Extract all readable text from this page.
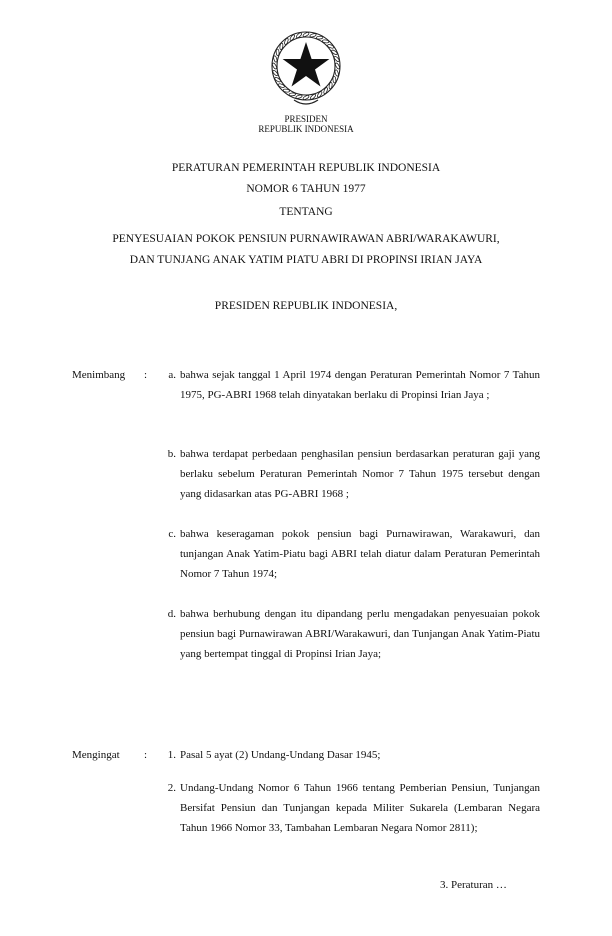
PRESIDEN
REPUBLIK INDONESIA
PERATURAN PEMERINTAH REPUBLIK INDONESIA
NOMOR 6 TAHUN 1977
TENTANG
PENYESUAIAN POKOK PENSIUN PURNAWIRAWAN ABRI/WARAKAWURI,
DAN TUNJANG ANAK YATIM PIATU ABRI DI PROPINSI IRIAN JAYA
PRESIDEN REPUBLIK INDONESIA,
Menimbang :	a. bahwa sejak tanggal 1 April 1974 dengan Peraturan Pemerintah Nomor 7 Tahun 1975, PG-ABRI 1968 telah dinyatakan berlaku di Propinsi Irian Jaya ;
b. bahwa terdapat perbedaan penghasilan pensiun berdasarkan peraturan gaji yang berlaku sebelum Peraturan Pemerintah Nomor 7 Tahun 1975 tersebut dengan yang didasarkan atas PG-ABRI 1968 ;
c. bahwa keseragaman pokok pensiun bagi Purnawirawan, Warakawuri, dan tunjangan Anak Yatim-Piatu bagi ABRI telah diatur dalam Peraturan Pemerintah Nomor 7 Tahun 1974;
d. bahwa berhubung dengan itu dipandang perlu mengadakan penyesuaian pokok pensiun bagi Purnawirawan ABRI/Warakawuri, dan Tunjangan Anak Yatim-Piatu yang bertempat tinggal di Propinsi Irian Jaya;
Mengingat :	1. Pasal 5 ayat (2) Undang-Undang Dasar 1945;
2. Undang-Undang Nomor 6 Tahun 1966 tentang Pemberian Pensiun, Tunjangan Bersifat Pensiun dan Tunjangan kepada Militer Sukarela (Lembaran Negara Tahun 1966 Nomor 33, Tambahan Lembaran Negara Nomor 2811);
3. Peraturan …
